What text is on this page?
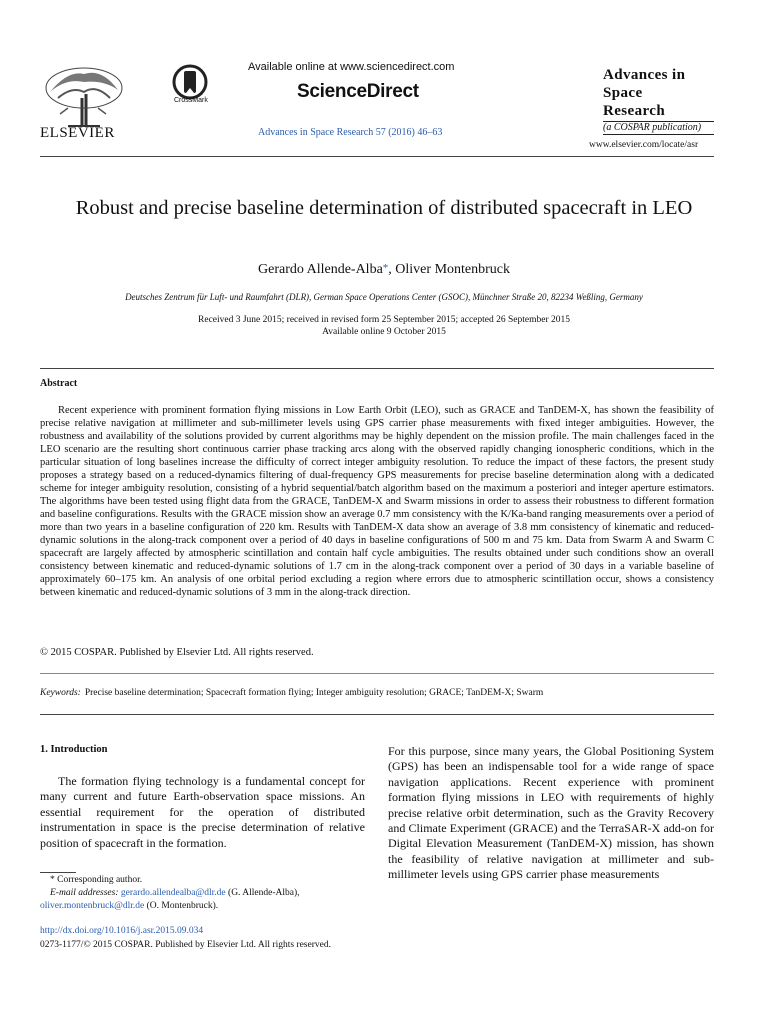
ELSEVIER
CrossMark
Available online at www.sciencedirect.com
ScienceDirect
Advances in Space Research 57 (2016) 46–63
Advances in
Space
Research
(a COSPAR publication)
www.elsevier.com/locate/asr
Robust and precise baseline determination of distributed spacecraft in LEO
Gerardo Allende-Alba*, Oliver Montenbruck
Deutsches Zentrum für Luft- und Raumfahrt (DLR), German Space Operations Center (GSOC), Münchner Straße 20, 82234 Weßling, Germany
Received 3 June 2015; received in revised form 25 September 2015; accepted 26 September 2015
Available online 9 October 2015
Abstract
Recent experience with prominent formation flying missions in Low Earth Orbit (LEO), such as GRACE and TanDEM-X, has shown the feasibility of precise relative navigation at millimeter and sub-millimeter levels using GPS carrier phase measurements with fixed integer ambiguities. However, the robustness and availability of the solutions provided by current algorithms may be highly dependent on the mission profile. The main challenges faced in the LEO scenario are the resulting short continuous carrier phase tracking arcs along with the observed rapidly changing ionospheric conditions, which in the particular situation of long baselines increase the difficulty of correct integer ambiguity resolution. To reduce the impact of these factors, the present study proposes a strategy based on a reduced-dynamics filtering of dual-frequency GPS measurements for precise baseline determination along with a dedicated scheme for integer ambiguity resolution, consisting of a hybrid sequential/batch algorithm based on the maximum a posteriori and integer aperture estimators. The algorithms have been tested using flight data from the GRACE, TanDEM-X and Swarm missions in order to assess their robustness to different formation and baseline configurations. Results with the GRACE mission show an average 0.7 mm consistency with the K/Ka-band ranging measurements over a period of more than two years in a baseline configuration of 220 km. Results with TanDEM-X data show an average of 3.8 mm consistency of kinematic and reduced-dynamic solutions in the along-track component over a period of 40 days in baseline configurations of 500 m and 75 km. Data from Swarm A and Swarm C spacecraft are largely affected by atmospheric scintillation and contain half cycle ambiguities. The results obtained under such conditions show an overall consistency between kinematic and reduced-dynamic solutions of 1.7 cm in the along-track component over a period of 30 days in a variable baseline of approximately 60–175 km. An analysis of one orbital period excluding a region where errors due to atmospheric scintillation occur, shows a consistency between kinematic and reduced-dynamic solutions of 3 mm in the along-track direction.
© 2015 COSPAR. Published by Elsevier Ltd. All rights reserved.
Keywords: Precise baseline determination; Spacecraft formation flying; Integer ambiguity resolution; GRACE; TanDEM-X; Swarm
1. Introduction
The formation flying technology is a fundamental concept for many current and future Earth-observation space missions. An essential requirement for the operation of distributed instrumentation in space is the precise determination of relative position of spacecraft in the formation.
For this purpose, since many years, the Global Positioning System (GPS) has been an indispensable tool for a wide range of space navigation applications. Recent experience with prominent formation flying missions in LEO with requirements of highly precise relative orbit determination, such as the Gravity Recovery and Climate Experiment (GRACE) and the TerraSAR-X add-on for Digital Elevation Measurement (TanDEM-X) mission, has shown the feasibility of relative navigation at millimeter and sub-millimeter levels using GPS carrier phase measurements
* Corresponding author.
E-mail addresses: gerardo.allendealba@dlr.de (G. Allende-Alba),
oliver.montenbruck@dlr.de (O. Montenbruck).
http://dx.doi.org/10.1016/j.asr.2015.09.034
0273-1177/© 2015 COSPAR. Published by Elsevier Ltd. All rights reserved.
